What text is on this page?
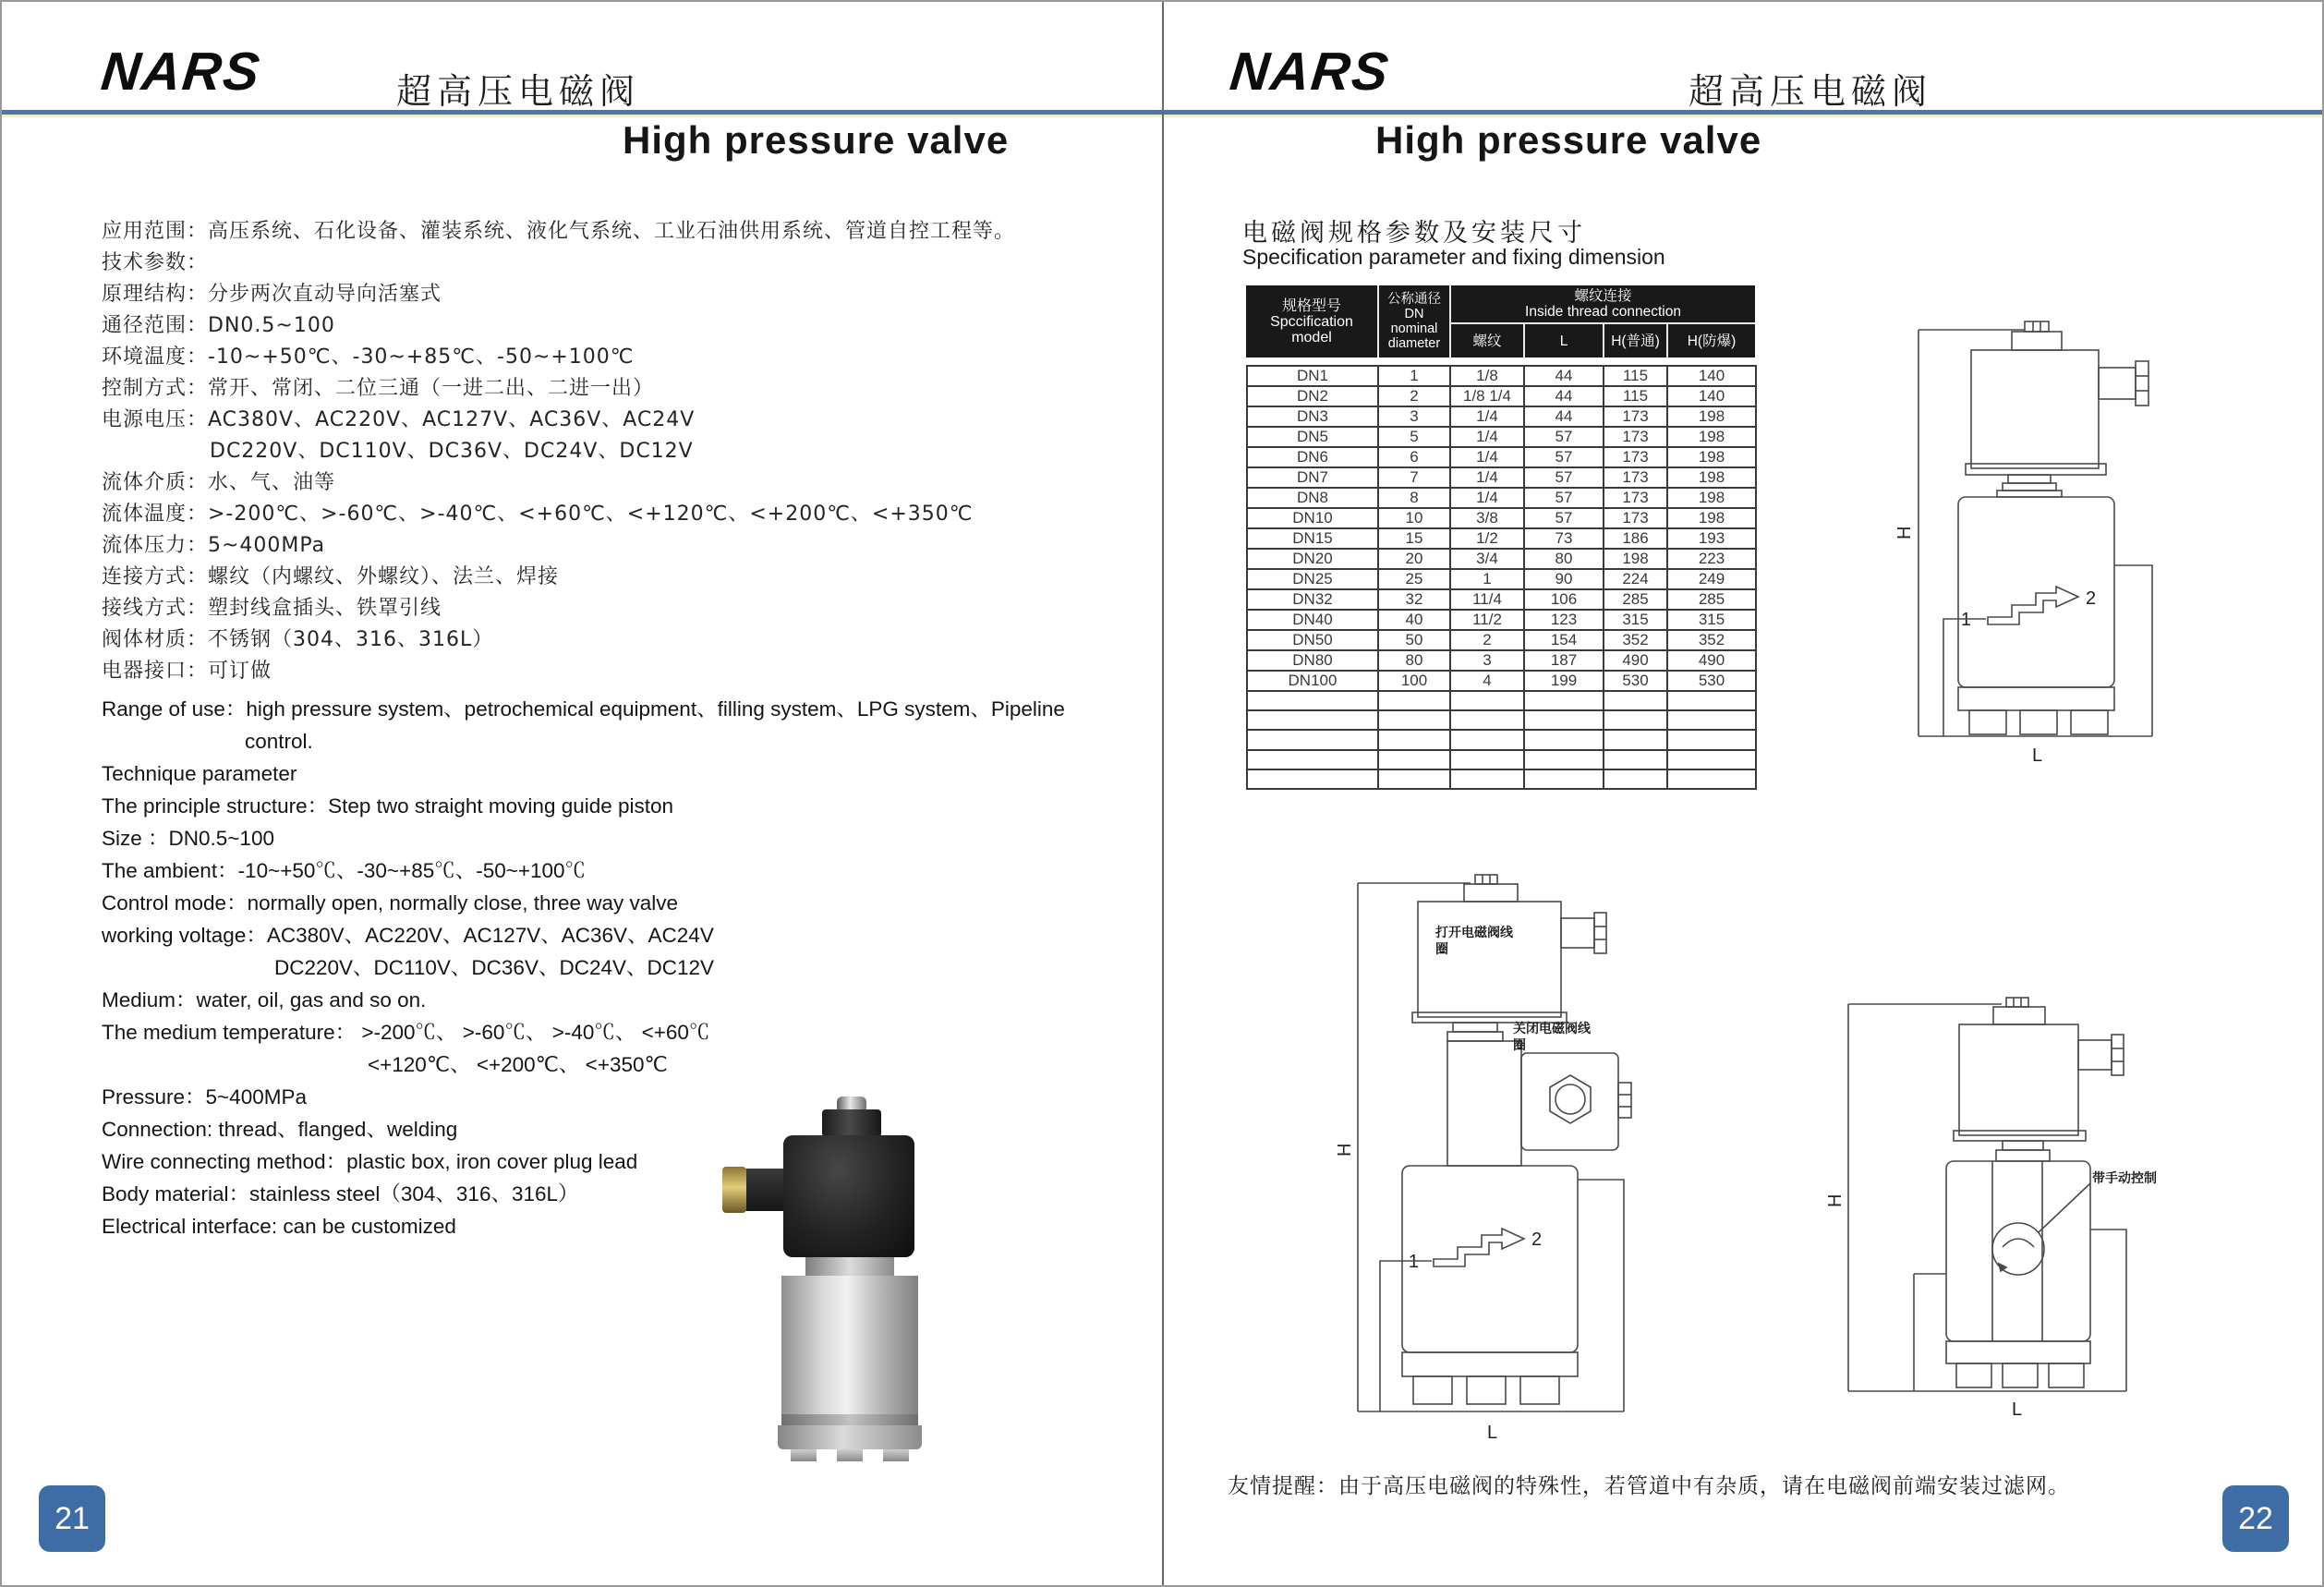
NARS	超高压电磁阀
High pressure valve
应用范围：高压系统、石化设备、灌装系统、液化气系统、工业石油供用系统、管道自控工程等。
技术参数：
原理结构：分步两次直动导向活塞式
通径范围：DN0.5~100
环境温度：-10~+50℃、-30~+85℃、-50~+100℃
控制方式：常开、常闭、二位三通（一进二出、二进一出）
电源电压：AC380V、AC220V、AC127V、AC36V、AC24V
DC220V、DC110V、DC36V、DC24V、DC12V
流体介质：水、气、油等
流体温度：>-200℃、>-60℃、>-40℃、<+60℃、<+120℃、<+200℃、<+350℃
流体压力：5~400MPa
连接方式：螺纹（内螺纹、外螺纹）、法兰、焊接
接线方式：塑封线盒插头、铁罩引线
阀体材质：不锈钢（304、316、316L）
电器接口：可订做
Range of use：high pressure system、petrochemical equipment、filling system、LPG system、Pipeline
control.
Technique parameter
The principle structure：Step two straight moving guide piston
Size ：DN0.5~100
The ambient：-10~+50℃、-30~+85℃、-50~+100℃
Control mode：normally open, normally close, three way valve
working voltage：AC380V、AC220V、AC127V、AC36V、AC24V
DC220V、DC110V、DC36V、DC24V、DC12V
Medium：water, oil, gas and so on.
The medium temperature： >-200℃、 >-60℃、 >-40℃、 <+60℃
<+120℃、 <+200℃、 <+350℃
Pressure：5~400MPa
Connection: thread、flanged、welding
Wire connecting method：plastic box, iron cover plug lead
Body material：stainless steel（304、316、316L）
Electrical interface: can be customized
21
NARS	超高压电磁阀
High pressure valve
电磁阀规格参数及安装尺寸
Specification parameter and fixing dimension
规格型号
Spccification
model
公称通径
DN
nominal
diameter
螺纹连接
Inside thread connection
螺纹	L	H(普通)	H(防爆)
DN1	1	1/8	44	115	140
DN2	2	1/8 1/4	44	115	140
DN3	3	1/4	44	173	198
DN5	5	1/4	57	173	198
DN6	6	1/4	57	173	198
DN7	7	1/4	57	173	198
DN8	8	1/4	57	173	198
DN10	10	3/8	57	173	198
DN15	15	1/2	73	186	193
DN20	20	3/4	80	198	223
DN25	25	1	90	224	249
DN32	32	11/4	106	285	285
DN40	40	11/2	123	315	315
DN50	50	2	154	352	352
DN80	80	3	187	490	490
DN100	100	4	199	530	530

H
1
2
L
H
打开电磁阀线
圈
关闭电磁阀线
圈
1
2
L
H
带手动控制
L
友情提醒：由于高压电磁阀的特殊性，若管道中有杂质，请在电磁阀前端安装过滤网。
22
